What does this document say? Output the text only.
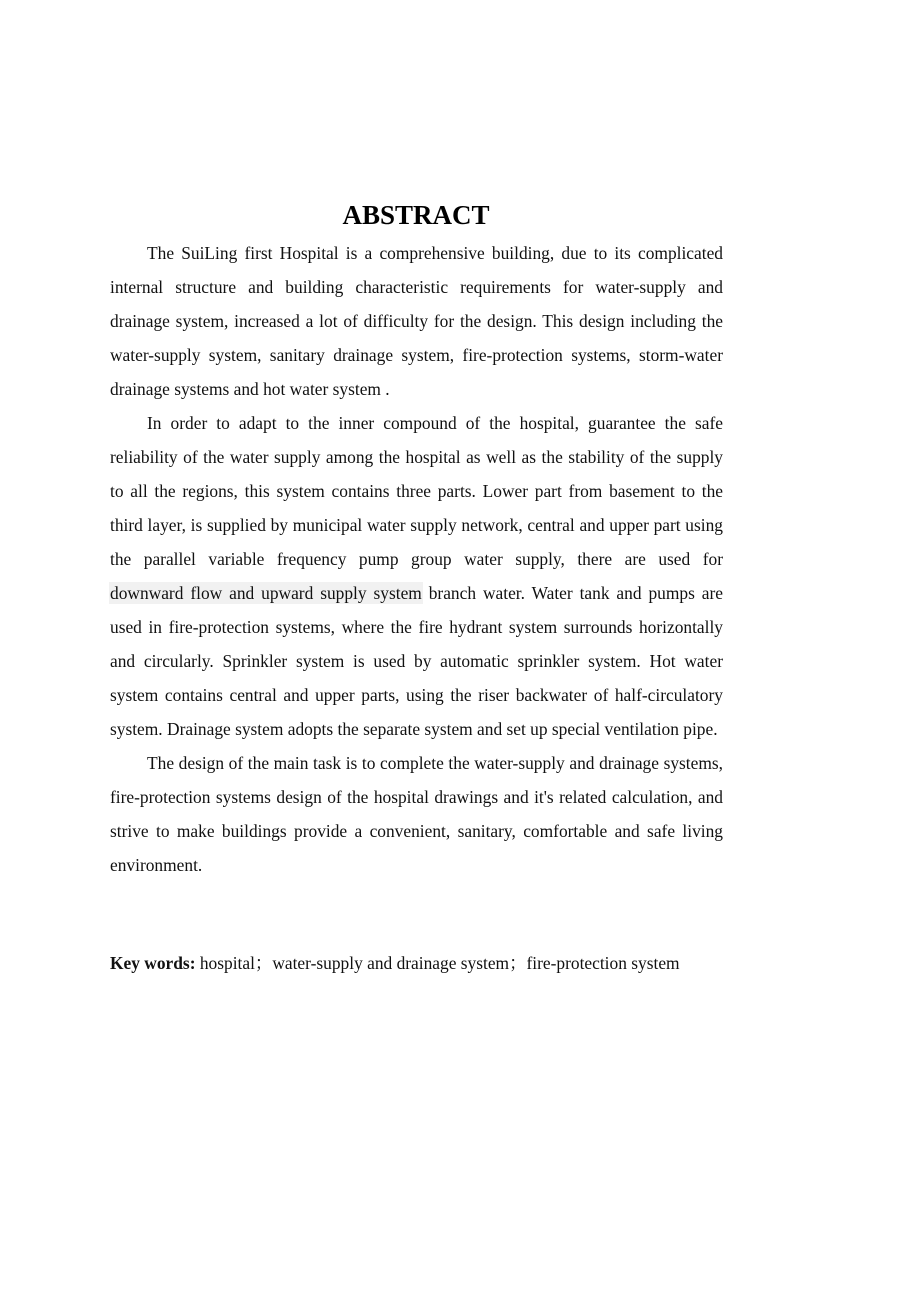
ABSTRACT

The SuiLing first Hospital is a comprehensive building, due to its complicated internal structure and building characteristic requirements for water-supply and drainage system, increased a lot of difficulty for the design. This design including the water-supply system, sanitary drainage system, fire-protection systems, storm-water drainage systems and hot water system .

In order to adapt to the inner compound of the hospital, guarantee the safe reliability of the water supply among the hospital as well as the stability of the supply to all the regions, this system contains three parts. Lower part from basement to the third layer, is supplied by municipal water supply network, central and upper part using the parallel variable frequency pump group water supply, there are used for downward flow and upward supply system branch water. Water tank and pumps are used in fire-protection systems, where the fire hydrant system surrounds horizontally and circularly. Sprinkler system is used by automatic sprinkler system. Hot water system contains central and upper parts, using the riser backwater of half-circulatory system. Drainage system adopts the separate system and set up special ventilation pipe.

The design of the main task is to complete the water-supply and drainage systems, fire-protection systems design of the hospital drawings and it's related calculation, and strive to make buildings provide a convenient, sanitary, comfortable and safe living environment.

Key words: hospital；water-supply and drainage system；fire-protection system
